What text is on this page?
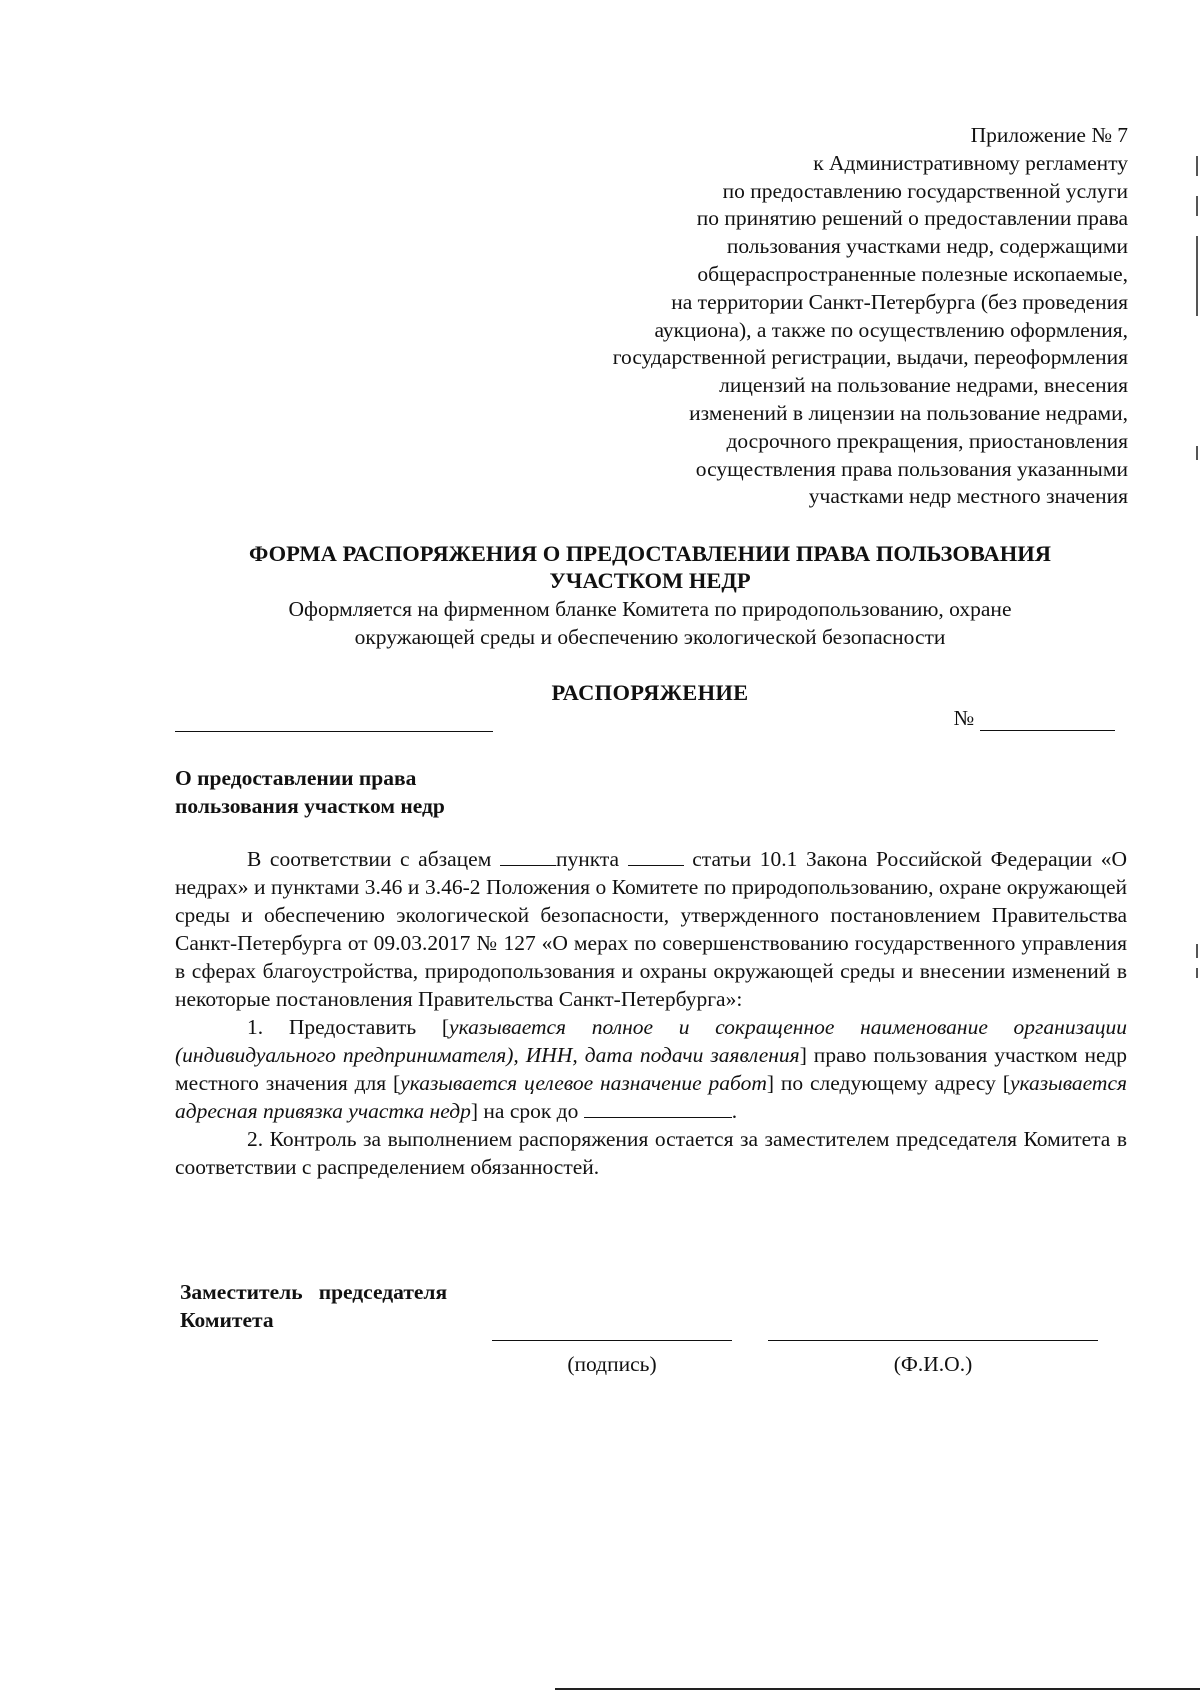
Приложение № 7
к Административному регламенту
по предоставлению государственной услуги
по принятию решений о предоставлении права
пользования участками недр, содержащими
общераспространенные полезные ископаемые,
на территории Санкт-Петербурга (без проведения
аукциона), а также по осуществлению оформления,
государственной регистрации, выдачи, переоформления
лицензий на пользование недрами, внесения
изменений в лицензии на пользование недрами,
досрочного прекращения, приостановления
осуществления права пользования указанными
участками недр местного значения
ФОРМА РАСПОРЯЖЕНИЯ О ПРЕДОСТАВЛЕНИИ ПРАВА ПОЛЬЗОВАНИЯ
УЧАСТКОМ НЕДР
Оформляется на фирменном бланке Комитета по природопользованию, охране
окружающей среды и обеспечению экологической безопасности
РАСПОРЯЖЕНИЕ
№
О предоставлении права
пользования участком недр

В соответствии с абзацем	пункта	статьи 10.1 Закона Российской Федерации «О недрах» и пунктами 3.46 и 3.46-2 Положения о Комитете по природопользованию, охране окружающей среды и обеспечению экологической безопасности, утвержденного постановлением Правительства Санкт-Петербурга от 09.03.2017 № 127 «О мерах по совершенствованию государственного управления в сферах благоустройства, природопользования и охраны окружающей среды и внесении изменений в некоторые постановления Правительства Санкт-Петербурга»:

1. Предоставить [указывается полное и сокращенное наименование организации (индивидуального предпринимателя), ИНН, дата подачи заявления] право пользования участком недр местного значения для [указывается целевое назначение работ] по следующему адресу [указывается адресная привязка участка недр] на срок до	.

2. Контроль за выполнением распоряжения остается за заместителем председателя Комитета в соответствии с распределением обязанностей.

Заместитель   председателя
Комитета
(подпись)	(Ф.И.О.)
